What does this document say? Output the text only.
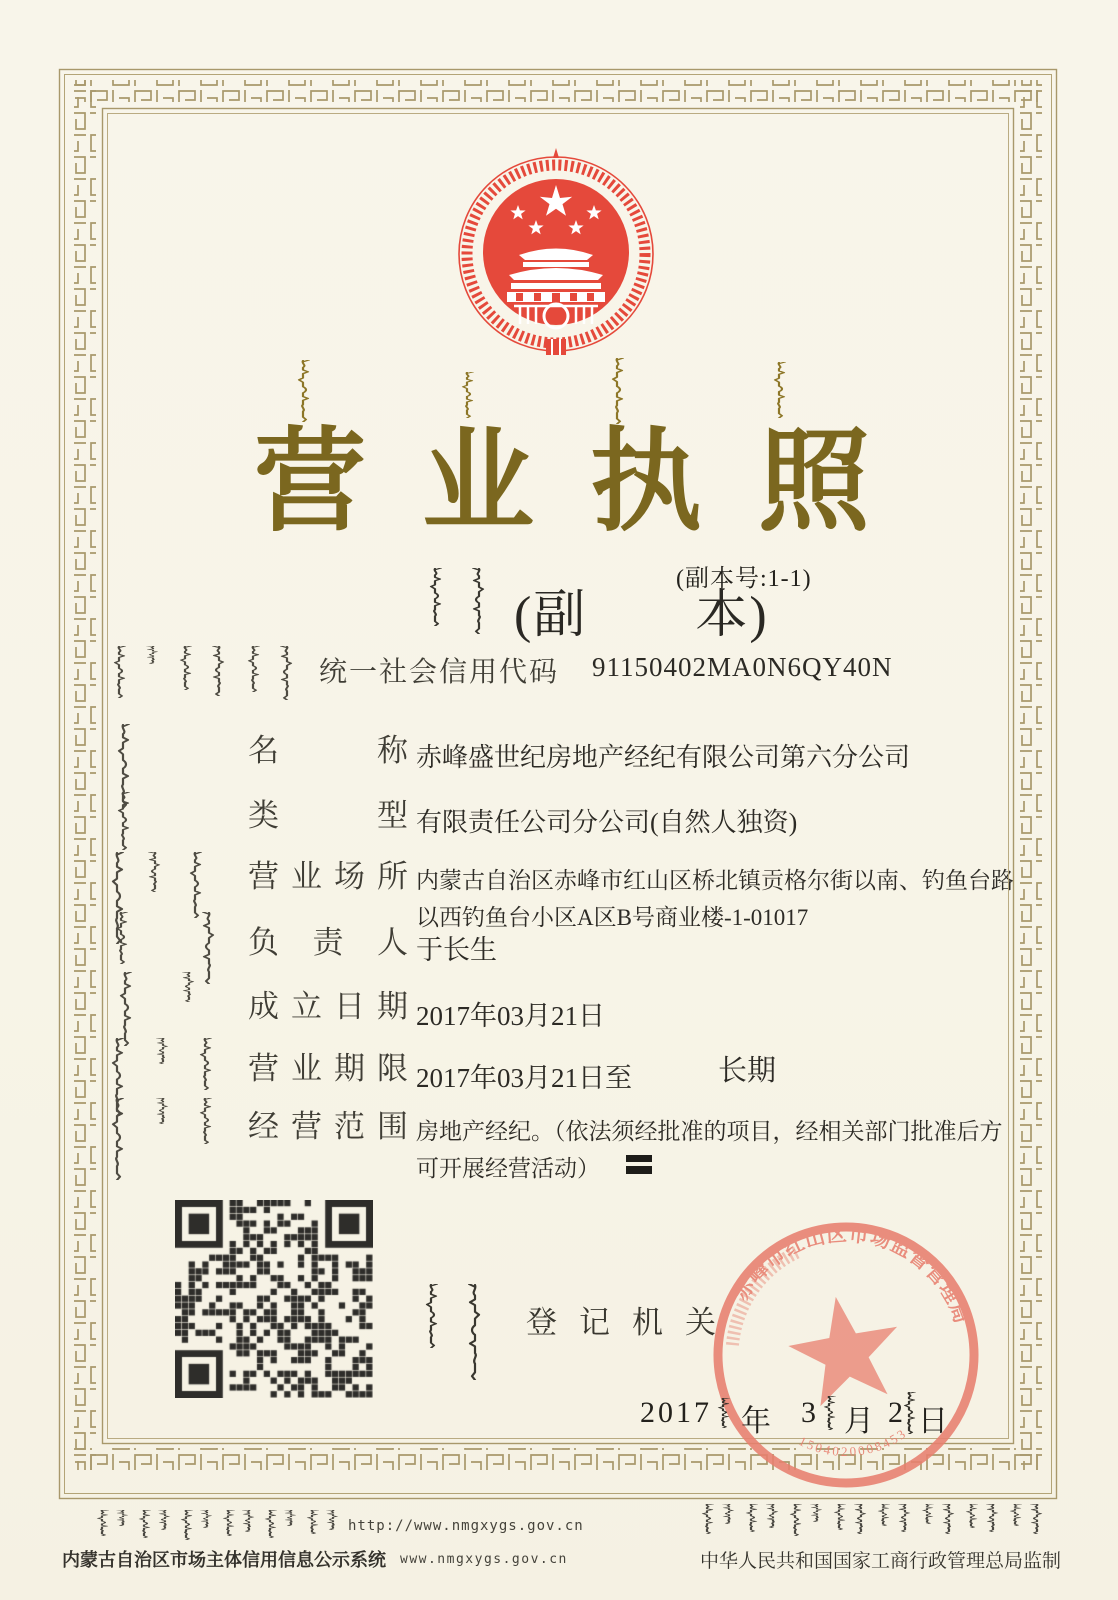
营业执照
(副　　本)
(副本号:1-1)
统一社会信用代码 91150402MA0N6QY40N
名称 赤峰盛世纪房地产经纪有限公司第六分公司
类型 有限责任公司分公司(自然人独资)
营业场所 内蒙古自治区赤峰市红山区桥北镇贡格尔街以南、钓鱼台路
以西钓鱼台小区A区B号商业楼-1-01017
负责人 于长生
成立日期 2017年03月21日
营业期限 2017年03月21日至	长期
经营范围 房地产经纪。（依法须经批准的项目，经相关部门批准后方
可开展经营活动）
登记机关
赤峰市红山区市场监督管理局
1504020008453
2017 年 3 月 2 日
http://www.nmgxygs.gov.cn
内蒙古自治区市场主体信用信息公示系统 www.nmgxygs.gov.cn	中华人民共和国国家工商行政管理总局监制
